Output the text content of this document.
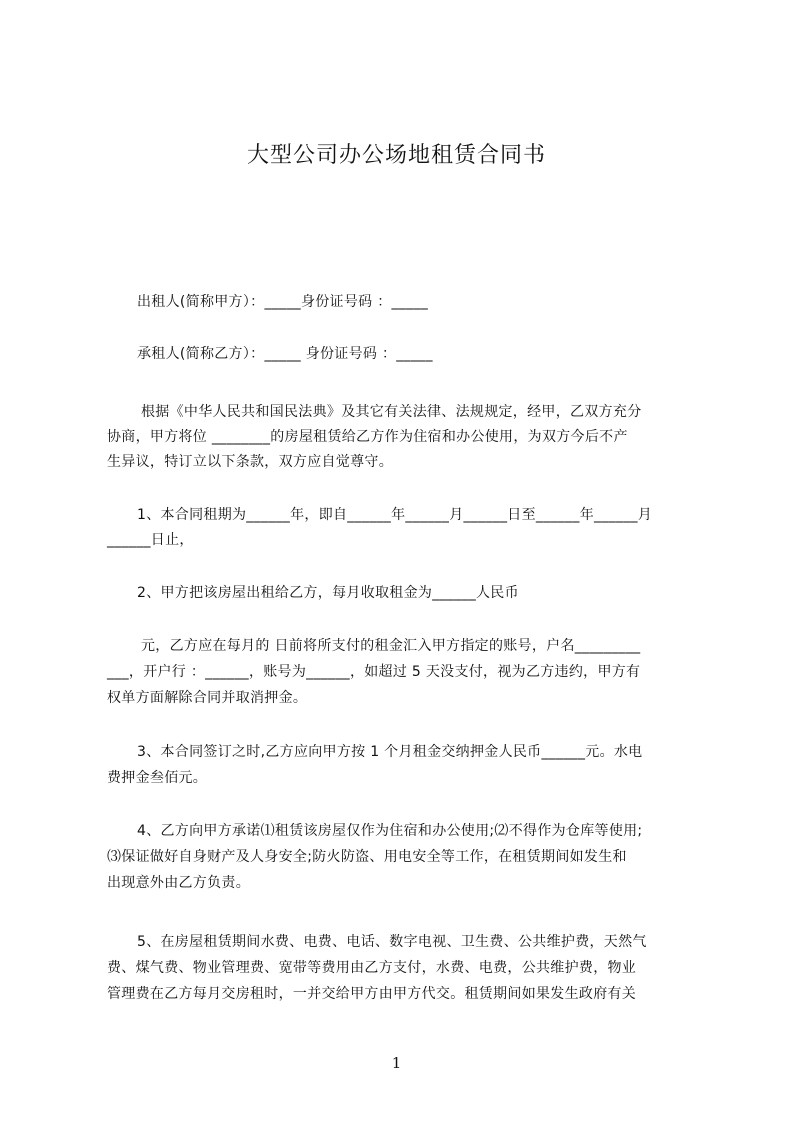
大型公司办公场地租赁合同书
出租人(简称甲方）：_____身份证号码 ：_____
承租人(简称乙方）：_____ 身份证号码 ：_____
根据《中华人民共和国民法典》及其它有关法律、法规规定，经甲，乙双方充分
协商，甲方将位 ________的房屋租赁给乙方作为住宿和办公使用，为双方今后不产
生异议，特订立以下条款，双方应自觉尊守。
1、本合同租期为______年，即自______年______月______日至______年______月
______日止，
2、甲方把该房屋出租给乙方，每月收取租金为______人民币
元，乙方应在每月的 日前将所支付的租金汇入甲方指定的账号，户名_________
___，开户行 ：______，账号为______，如超过 5 天没支付，视为乙方违约，甲方有
权单方面解除合同并取消押金。
3、本合同签订之时,乙方应向甲方按 1 个月租金交纳押金人民币______元。水电
费押金叁佰元。
4、乙方向甲方承诺⑴租赁该房屋仅作为住宿和办公使用;⑵不得作为仓库等使用;
⑶保证做好自身财产及人身安全;防火防盗、用电安全等工作，在租赁期间如发生和
出现意外由乙方负责。
5、在房屋租赁期间水费、电费、电话、数字电视、卫生费、公共维护费，天然气
费、煤气费、物业管理费、宽带等费用由乙方支付，水费、电费，公共维护费，物业
管理费在乙方每月交房租时，一并交给甲方由甲方代交。租赁期间如果发生政府有关
1
